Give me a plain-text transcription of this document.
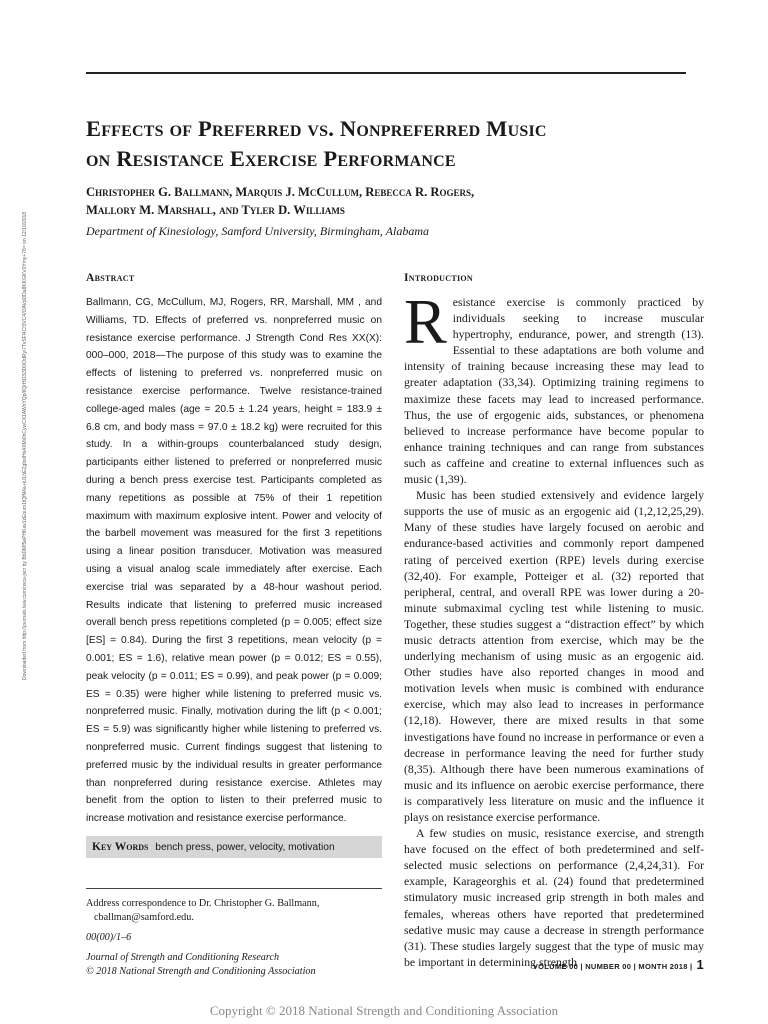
Downloaded from http://journals.lww.com/nsca-jscr by BhDMf5ePHKav1zEoum1tQfN4a+kJLhEZgbsIHo4XMi0hCywCX1AWnYQp/IlQrHD3i3D0OdRyi7TvSFl4Cf3VC4/OAVpDDa8KKGKV0Ymy+78= on 12/10/2018
Effects of Preferred vs. Nonpreferred Music
on Resistance Exercise Performance
Christopher G. Ballmann, Marquis J. McCullum, Rebecca R. Rogers,
Mallory M. Marshall, and Tyler D. Williams
Department of Kinesiology, Samford University, Birmingham, Alabama
Abstract

Ballmann, CG, McCullum, MJ, Rogers, RR, Marshall, MM , and Williams, TD. Effects of preferred vs. nonpreferred music on resistance exercise performance. J Strength Cond Res XX(X): 000–000, 2018—The purpose of this study was to examine the effects of listening to preferred vs. nonpreferred music on resistance exercise performance. Twelve resistance-trained college-aged males (age = 20.5 ± 1.24 years, height = 183.9 ± 6.8 cm, and body mass = 97.0 ± 18.2 kg) were recruited for this study. In a within-groups counterbalanced study design, participants either listened to preferred or nonpreferred music during a bench press exercise test. Participants completed as many repetitions as possible at 75% of their 1 repetition maximum with maximum explosive intent. Power and velocity of the barbell movement was measured for the first 3 repetitions using a linear position transducer. Motivation was measured using a visual analog scale immediately after exercise. Each exercise trial was separated by a 48-hour washout period. Results indicate that listening to preferred music increased overall bench press repetitions completed (p = 0.005; effect size [ES] = 0.84). During the first 3 repetitions, mean velocity (p = 0.001; ES = 1.6), relative mean power (p = 0.012; ES = 0.55), peak velocity (p = 0.011; ES = 0.99), and peak power (p = 0.009; ES = 0.35) were higher while listening to preferred music vs. nonpreferred music. Finally, motivation during the lift (p < 0.001; ES = 5.9) was significantly higher while listening to preferred vs. nonpreferred music. Current findings suggest that listening to preferred music by the individual results in greater performance than nonpreferred during resistance exercise. Athletes may benefit from the option to listen to their preferred music to increase motivation and resistance exercise performance.

Key Words bench press, power, velocity, motivation

Address correspondence to Dr. Christopher G. Ballmann, cballman@samford.edu.

00(00)/1–6

Journal of Strength and Conditioning Research
© 2018 National Strength and Conditioning Association

Introduction

Resistance exercise is commonly practiced by individuals seeking to increase muscular hypertrophy, endurance, power, and strength (13). Essential to these adaptations are both volume and intensity of training because increasing these may lead to greater adaptation (33,34). Optimizing training regimens to maximize these facets may lead to increased performance. Thus, the use of ergogenic aids, substances, or phenomena believed to increase performance have become popular to enhance training techniques and can range from substances such as caffeine and creatine to external influences such as music (1,39).

Music has been studied extensively and evidence largely supports the use of music as an ergogenic aid (1,2,12,25,29). Many of these studies have largely focused on aerobic and endurance-based activities and commonly report dampened rating of perceived exertion (RPE) levels during exercise (32,40). For example, Potteiger et al. (32) reported that peripheral, central, and overall RPE was lower during a 20-minute submaximal cycling test while listening to music. Together, these studies suggest a “distraction effect” by which music detracts attention from exercise, which may be the underlying mechanism of using music as an ergogenic aid. Other studies have also reported changes in mood and motivation levels when music is combined with endurance exercise, which may also lead to increases in performance (12,18). However, there are mixed results in that some investigations have found no increase in performance or even a decrease in performance leaving the need for further study (8,35). Although there have been numerous examinations of music and its influence on aerobic exercise performance, there is comparatively less literature on music and the influence it plays on resistance exercise performance.

A few studies on music, resistance exercise, and strength have focused on the effect of both predetermined and self-selected music selections on performance (2,4,24,31). For example, Karageorghis et al. (24) found that predetermined stimulatory music increased grip strength in both males and females, whereas others have reported that predetermined sedative music may cause a decrease in strength performance (31). These studies largely suggest that the type of music may be important in determining strength

VOLUME 00 | NUMBER 00 | MONTH 2018 | 1
Copyright © 2018 National Strength and Conditioning Association
